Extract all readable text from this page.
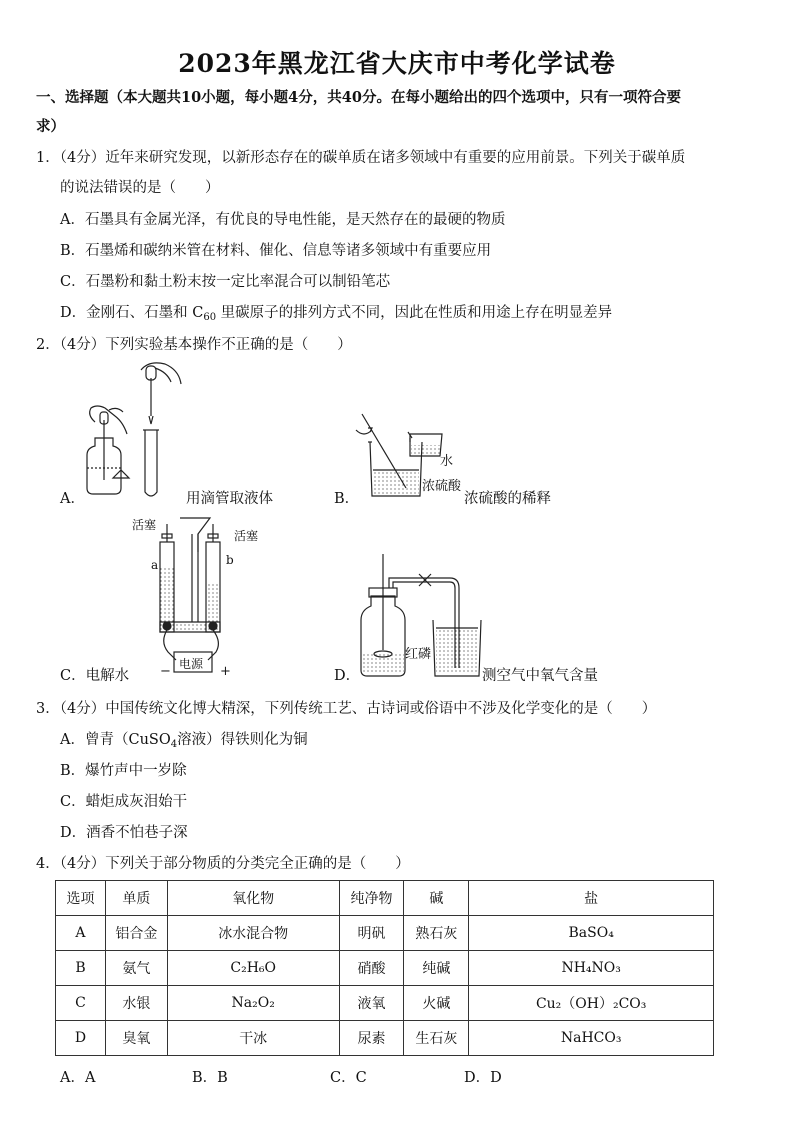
2023年黑龙江省大庆市中考化学试卷
一、选择题（本大题共10小题，每小题4分，共40分。在每小题给出的四个选项中，只有一项符合要
求）
1．（4分）近年来研究发现，以新形态存在的碳单质在诸多领域中有重要的应用前景。下列关于碳单质
的说法错误的是（　　）
A．石墨具有金属光泽，有优良的导电性能，是天然存在的最硬的物质
B．石墨烯和碳纳米管在材料、催化、信息等诸多领域中有重要应用
C．石墨粉和黏土粉末按一定比率混合可以制铅笔芯
D．金刚石、石墨和 $C_{60}$ 里碳原子的排列方式不同，因此在性质和用途上存在明显差异
2．（4分）下列实验基本操作不正确的是（　　）
A．	用滴管取液体
水
浓硫酸
B．	浓硫酸的稀释
活塞
活塞
a	b
电源
−	+
C．电解水
红磷
D．	测空气中氧气含量
3．（4分）中国传统文化博大精深，下列传统工艺、古诗词或俗语中不涉及化学变化的是（　　）
A．曾青（CuSO$_4$溶液）得铁则化为铜
B．爆竹声中一岁除
C．蜡炬成灰泪始干
D．酒香不怕巷子深
4．（4分）下列关于部分物质的分类完全正确的是（　　）
选项	单质	氧化物	纯净物	碱	盐
A	铝合金	冰水混合物	明矾	熟石灰	BaSO₄
B	氨气	C₂H₆O	硝酸	纯碱	NH₄NO₃
C	水银	Na₂O₂	液氧	火碱	Cu₂（OH）₂CO₃
D	臭氧	干冰	尿素	生石灰	NaHCO₃
A．A	B．B	C．C	D．D
